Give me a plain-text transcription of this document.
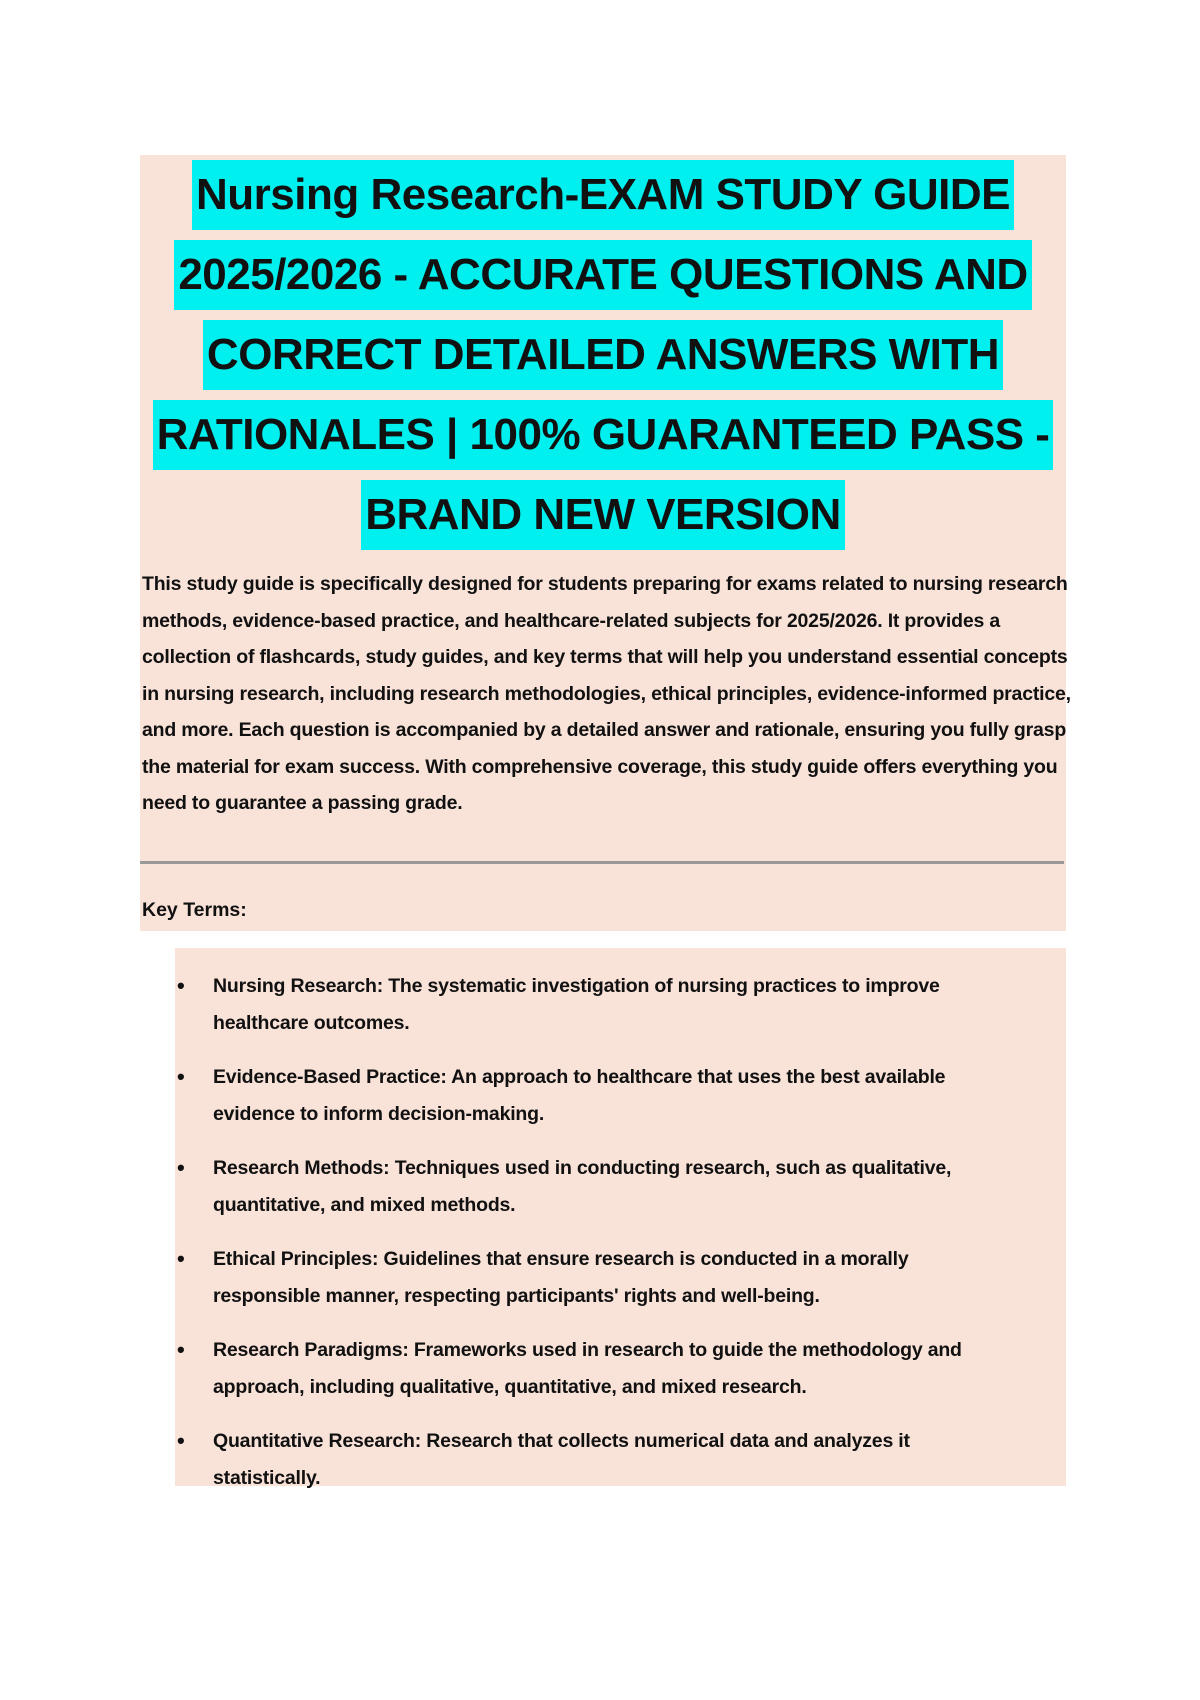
Nursing Research-EXAM STUDY GUIDE
2025/2026 - ACCURATE QUESTIONS AND
CORRECT DETAILED ANSWERS WITH
RATIONALES | 100% GUARANTEED PASS -
BRAND NEW VERSION

This study guide is specifically designed for students preparing for exams related to nursing research methods, evidence-based practice, and healthcare-related subjects for 2025/2026. It provides a collection of flashcards, study guides, and key terms that will help you understand essential concepts in nursing research, including research methodologies, ethical principles, evidence-informed practice, and more. Each question is accompanied by a detailed answer and rationale, ensuring you fully grasp the material for exam success. With comprehensive coverage, this study guide offers everything you need to guarantee a passing grade.

Key Terms:
• Nursing Research: The systematic investigation of nursing practices to improve healthcare outcomes.
• Evidence-Based Practice: An approach to healthcare that uses the best available evidence to inform decision-making.
• Research Methods: Techniques used in conducting research, such as qualitative, quantitative, and mixed methods.
• Ethical Principles: Guidelines that ensure research is conducted in a morally responsible manner, respecting participants' rights and well-being.
• Research Paradigms: Frameworks used in research to guide the methodology and approach, including qualitative, quantitative, and mixed research.
• Quantitative Research: Research that collects numerical data and analyzes it statistically.
